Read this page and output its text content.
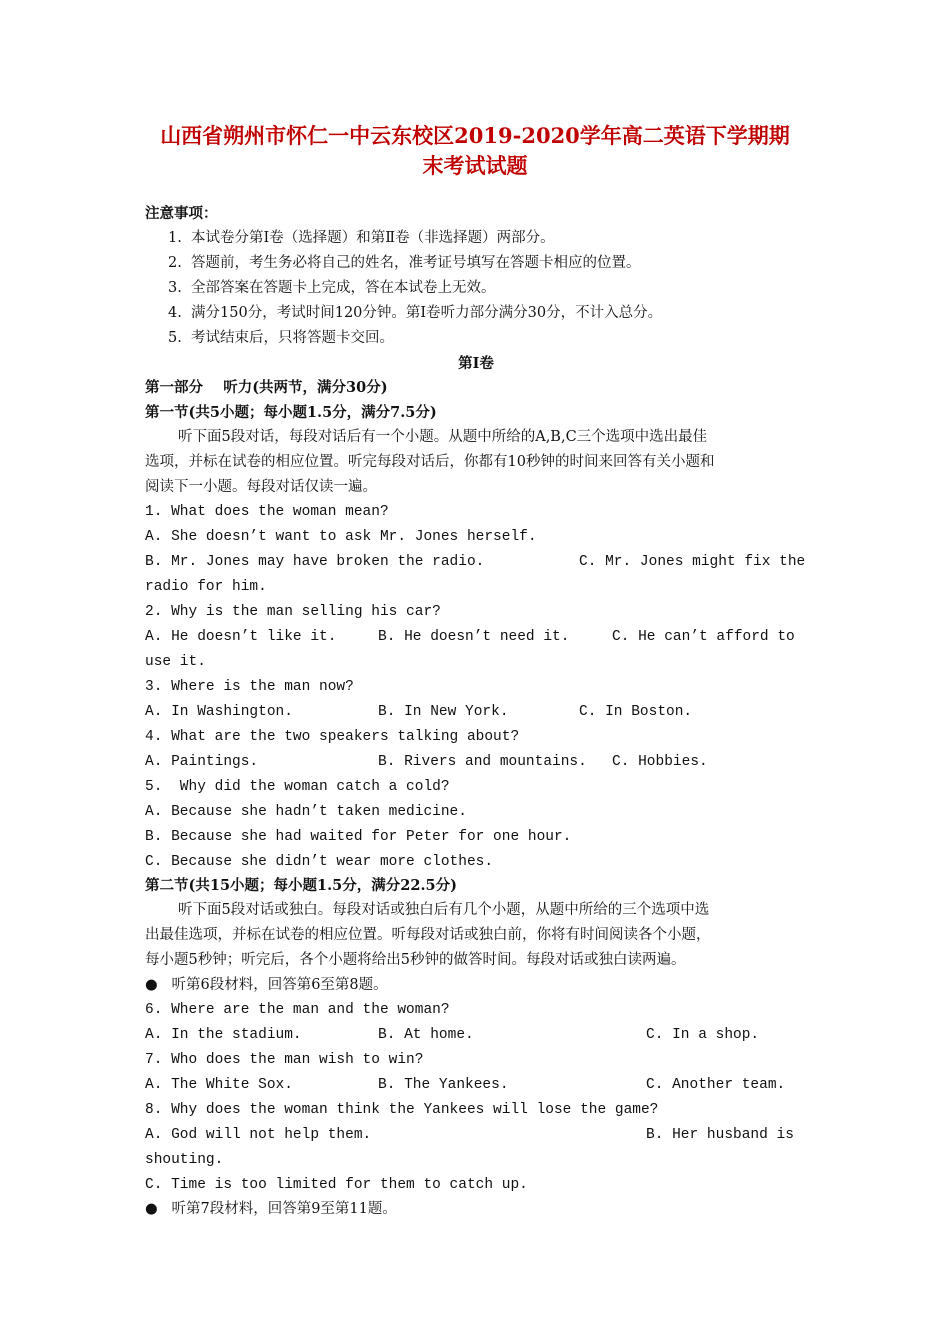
山西省朔州市怀仁一中云东校区2019-2020学年高二英语下学期期
末考试试题
注意事项：
1.  本试卷分第Ⅰ卷（选择题）和第Ⅱ卷（非选择题）两部分。
2.  答题前，考生务必将自己的姓名，准考证号填写在答题卡相应的位置。
3.  全部答案在答题卡上完成，答在本试卷上无效。
4.  满分150分，考试时间120分钟。第Ⅰ卷听力部分满分30分，不计入总分。
5.  考试结束后，只将答题卡交回。
第Ⅰ卷
第一部分    听力(共两节，满分30分)
第一节(共5小题；每小题1.5分，满分7.5分)
听下面5段对话，每段对话后有一个小题。从题中所给的A,B,C三个选项中选出最佳
选项，并标在试卷的相应位置。听完每段对话后，你都有10秒钟的时间来回答有关小题和
阅读下一小题。每段对话仅读一遍。
1. What does the woman mean?
A. She doesn’t want to ask Mr. Jones herself.
B. Mr. Jones may have broken the radio.	C. Mr. Jones might fix the
radio for him.
2. Why is the man selling his car?
A. He doesn’t like it.	B. He doesn’t need it.	C. He can’t afford to
use it.
3. Where is the man now?
A. In Washington.	B. In New York.	C. In Boston.
4. What are the two speakers talking about?
A. Paintings.	B. Rivers and mountains. C. Hobbies.
5.  Why did the woman catch a cold?
A. Because she hadn’t taken medicine.
B. Because she had waited for Peter for one hour.
C. Because she didn’t wear more clothes.
第二节(共15小题；每小题1.5分，满分22.5分)
听下面5段对话或独白。每段对话或独白后有几个小题，从题中所给的三个选项中选
出最佳选项，并标在试卷的相应位置。听每段对话或独白前，你将有时间阅读各个小题，
每小题5秒钟；听完后，各个小题将给出5秒钟的做答时间。每段对话或独白读两遍。
●   听第6段材料，回答第6至第8题。
6. Where are the man and the woman?
A. In the stadium.	B. At home.	C. In a shop.
7. Who does the man wish to win?
A. The White Sox.	B. The Yankees.	C. Another team.
8. Why does the woman think the Yankees will lose the game?
A. God will not help them.	B. Her husband is
shouting.
C. Time is too limited for them to catch up.
●   听第7段材料，回答第9至第11题。
